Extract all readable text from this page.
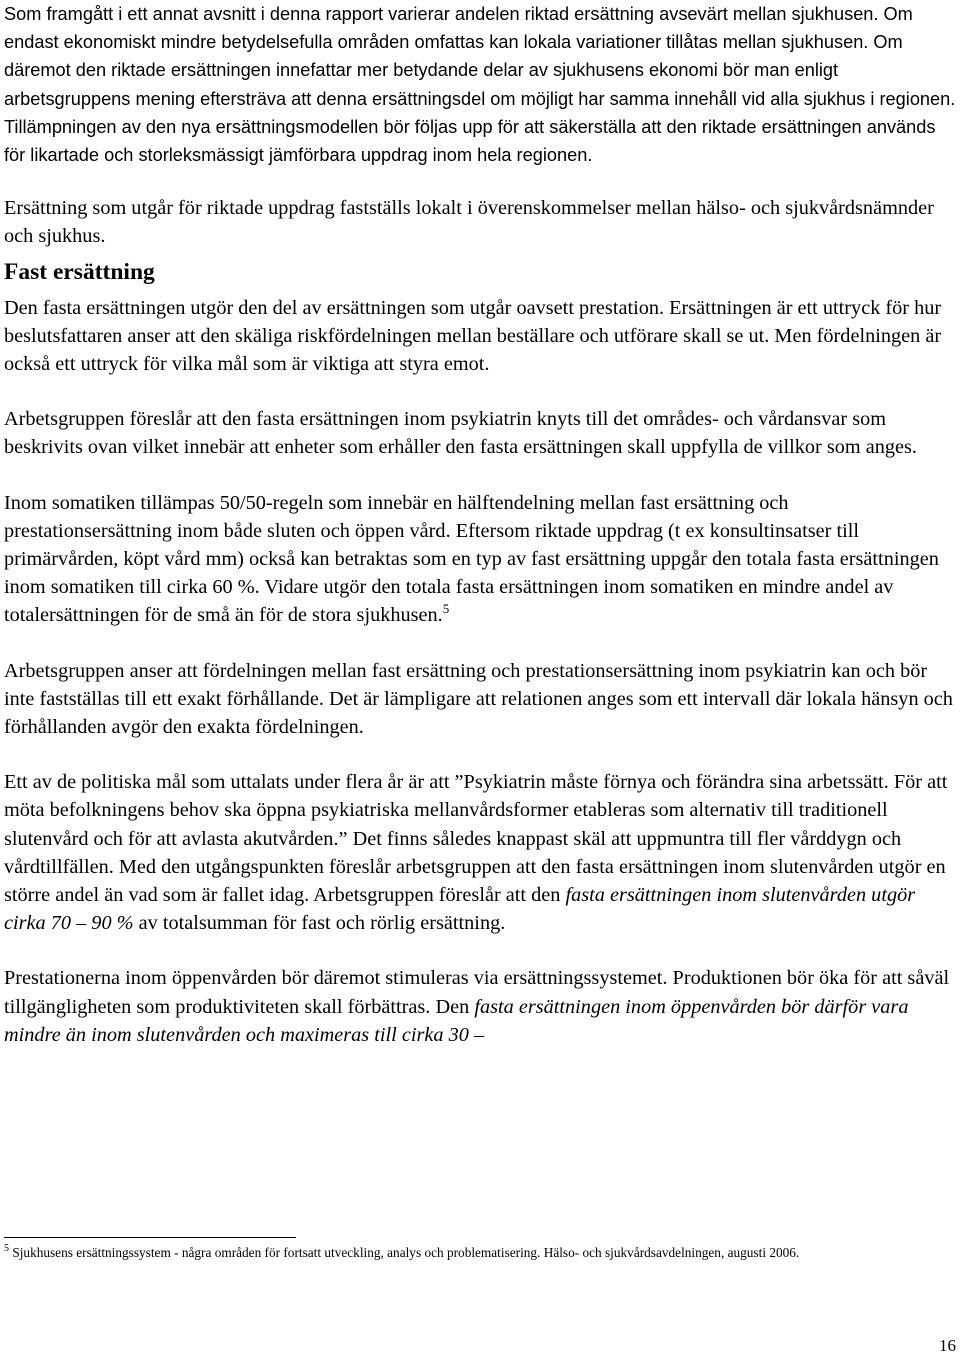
Som framgått i ett annat avsnitt i denna rapport varierar andelen riktad ersättning avsevärt mellan sjukhusen. Om endast ekonomiskt mindre betydelsefulla områden omfattas kan lokala variationer tillåtas mellan sjukhusen. Om däremot den riktade ersättningen innefattar mer betydande delar av sjukhusens ekonomi bör man enligt arbetsgruppens mening eftersträva att denna ersättningsdel om möjligt har samma innehåll vid alla sjukhus i regionen. Tillämpningen av den nya ersättningsmodellen bör följas upp för att säkerställa att den riktade ersättningen används för likartade och storleksmässigt jämförbara uppdrag inom hela regionen.

Ersättning som utgår för riktade uppdrag fastställs lokalt i överenskommelser mellan hälso- och sjukvårdsnämnder och sjukhus.

Fast ersättning

Den fasta ersättningen utgör den del av ersättningen som utgår oavsett prestation. Ersättningen är ett uttryck för hur beslutsfattaren anser att den skäliga riskfördelningen mellan beställare och utförare skall se ut. Men fördelningen är också ett uttryck för vilka mål som är viktiga att styra emot.

Arbetsgruppen föreslår att den fasta ersättningen inom psykiatrin knyts till det områdes- och vårdansvar som beskrivits ovan vilket innebär att enheter som erhåller den fasta ersättningen skall uppfylla de villkor som anges.

Inom somatiken tillämpas 50/50-regeln som innebär en hälftendelning mellan fast ersättning och prestationsersättning inom både sluten och öppen vård. Eftersom riktade uppdrag (t ex konsultinsatser till primärvården, köpt vård mm) också kan betraktas som en typ av fast ersättning uppgår den totala fasta ersättningen inom somatiken till cirka 60 %. Vidare utgör den totala fasta ersättningen inom somatiken en mindre andel av totalersättningen för de små än för de stora sjukhusen.$^5$

Arbetsgruppen anser att fördelningen mellan fast ersättning och prestationsersättning inom psykiatrin kan och bör inte fastställas till ett exakt förhållande. Det är lämpligare att relationen anges som ett intervall där lokala hänsyn och förhållanden avgör den exakta fördelningen.

Ett av de politiska mål som uttalats under flera år är att ”Psykiatrin måste förnya och förändra sina arbetssätt. För att möta befolkningens behov ska öppna psykiatriska mellanvårdsformer etableras som alternativ till traditionell slutenvård och för att avlasta akutvården.” Det finns således knappast skäl att uppmuntra till fler vårddygn och vårdtillfällen. Med den utgångspunkten föreslår arbetsgruppen att den fasta ersättningen inom slutenvården utgör en större andel än vad som är fallet idag. Arbetsgruppen föreslår att den fasta ersättningen inom slutenvården utgör cirka 70 – 90 % av totalsumman för fast och rörlig ersättning.

Prestationerna inom öppenvården bör däremot stimuleras via ersättningssystemet. Produktionen bör öka för att såväl tillgängligheten som produktiviteten skall förbättras. Den fasta ersättningen inom öppenvården bör därför vara mindre än inom slutenvården och maximeras till cirka 30 –

$^5$ Sjukhusens ersättningssystem - några områden för fortsatt utveckling, analys och problematisering. Hälso- och sjukvårdsavdelningen, augusti 2006.
16
